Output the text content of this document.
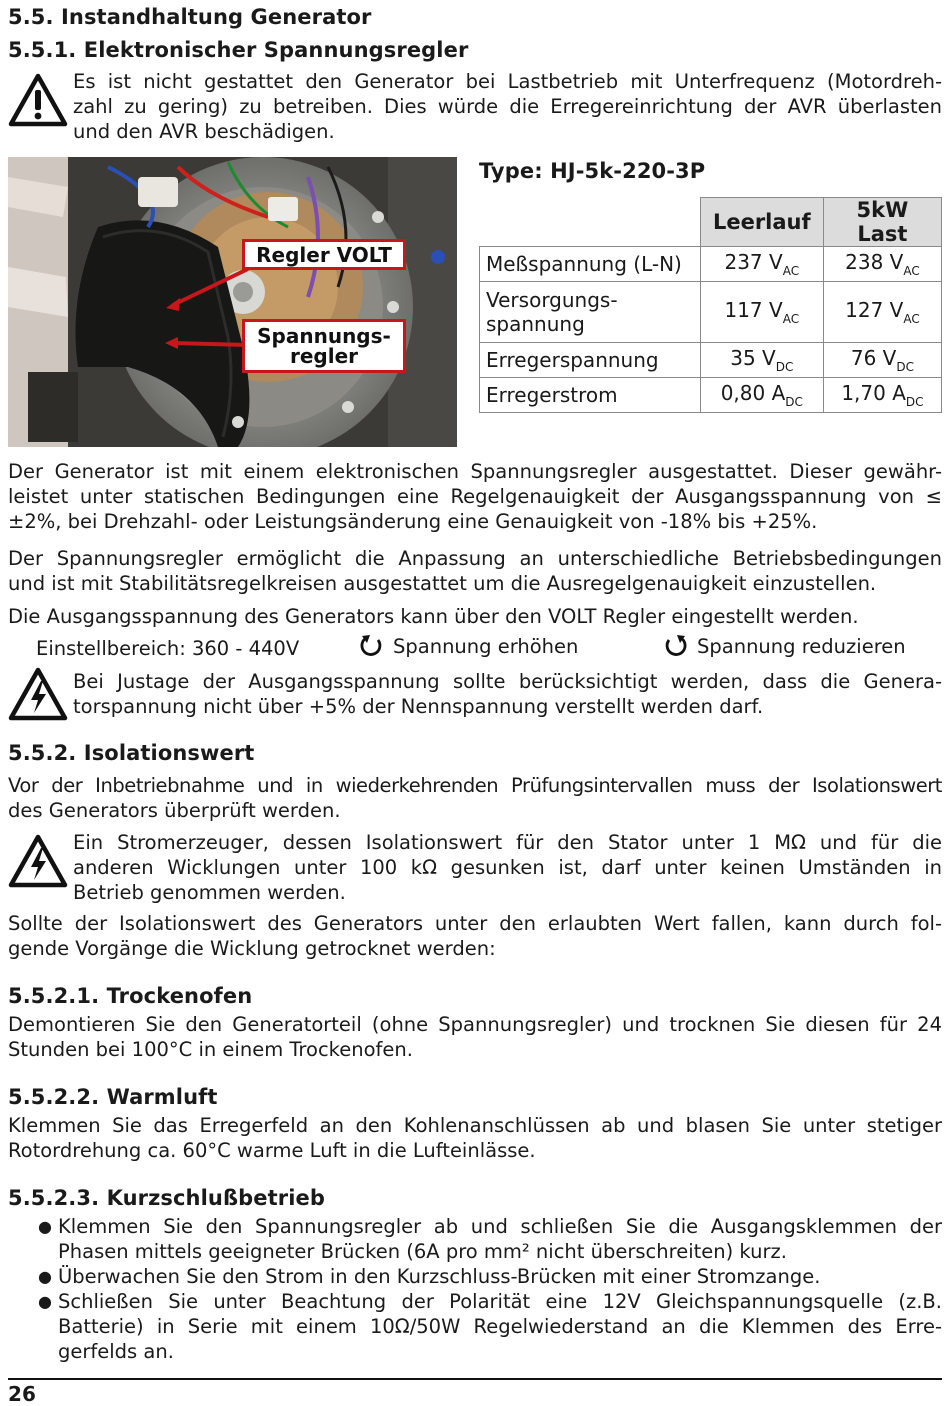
5.5. Instandhaltung Generator
5.5.1. Elektronischer Spannungsregler
Es ist nicht gestattet den Generator bei Lastbetrieb mit Unterfrequenz (Motordreh-
zahl zu gering) zu betreiben. Dies würde die Erregereinrichtung der AVR überlasten
und den AVR beschädigen.
Regler VOLT
Spannungs-
regler
Type: HJ-5k-220-3P
	Leerlauf	5kW Last
Meßspannung (L-N)	237 $V_{AC}$	238 $V_{AC}$

Versorgungs-
spannung	117 $V_{AC}$	127 $V_{AC}$
Erregerspannung	35 $V_{DC}$	76 $V_{DC}$
Erregerstrom	0,80 $A_{DC}$	1,70 $A_{DC}$
Der Generator ist mit einem elektronischen Spannungsregler ausgestattet. Dieser gewähr-
leistet unter statischen Bedingungen eine Regelgenauigkeit der Ausgangsspannung von ≤
±2%, bei Drehzahl- oder Leistungsänderung eine Genauigkeit von -18% bis +25%.
Der Spannungsregler ermöglicht die Anpassung an unterschiedliche Betriebsbedingungen
und ist mit Stabilitätsregelkreisen ausgestattet um die Ausregelgenauigkeit einzustellen.
Die Ausgangsspannung des Generators kann über den VOLT Regler eingestellt werden.
Einstellbereich: 360 - 440V	Spannung erhöhen	Spannung reduzieren
Bei Justage der Ausgangsspannung sollte berücksichtigt werden, dass die Genera-
torspannung nicht über +5% der Nennspannung verstellt werden darf.
5.5.2. Isolationswert
Vor der Inbetriebnahme und in wiederkehrenden Prüfungsintervallen muss der Isolationswert
des Generators überprüft werden.
Ein Stromerzeuger, dessen Isolationswert für den Stator unter 1 MΩ und für die
anderen Wicklungen unter 100 kΩ gesunken ist, darf unter keinen Umständen in
Betrieb genommen werden.
Sollte der Isolationswert des Generators unter den erlaubten Wert fallen, kann durch fol-
gende Vorgänge die Wicklung getrocknet werden:
5.5.2.1. Trockenofen
Demontieren Sie den Generatorteil (ohne Spannungsregler) und trocknen Sie diesen für 24
Stunden bei 100°C in einem Trockenofen.
5.5.2.2. Warmluft
Klemmen Sie das Erregerfeld an den Kohlenanschlüssen ab und blasen Sie unter stetiger
Rotordrehung ca. 60°C warme Luft in die Lufteinlässe.
5.5.2.3. Kurzschlußbetrieb
● Klemmen Sie den Spannungsregler ab und schließen Sie die Ausgangsklemmen der
Phasen mittels geeigneter Brücken (6A pro mm² nicht überschreiten) kurz.
● Überwachen Sie den Strom in den Kurzschluss-Brücken mit einer Stromzange.
● Schließen Sie unter Beachtung der Polarität eine 12V Gleichspannungsquelle (z.B.
Batterie) in Serie mit einem 10Ω/50W Regelwiederstand an die Klemmen des Erre-
gerfelds an.
26
